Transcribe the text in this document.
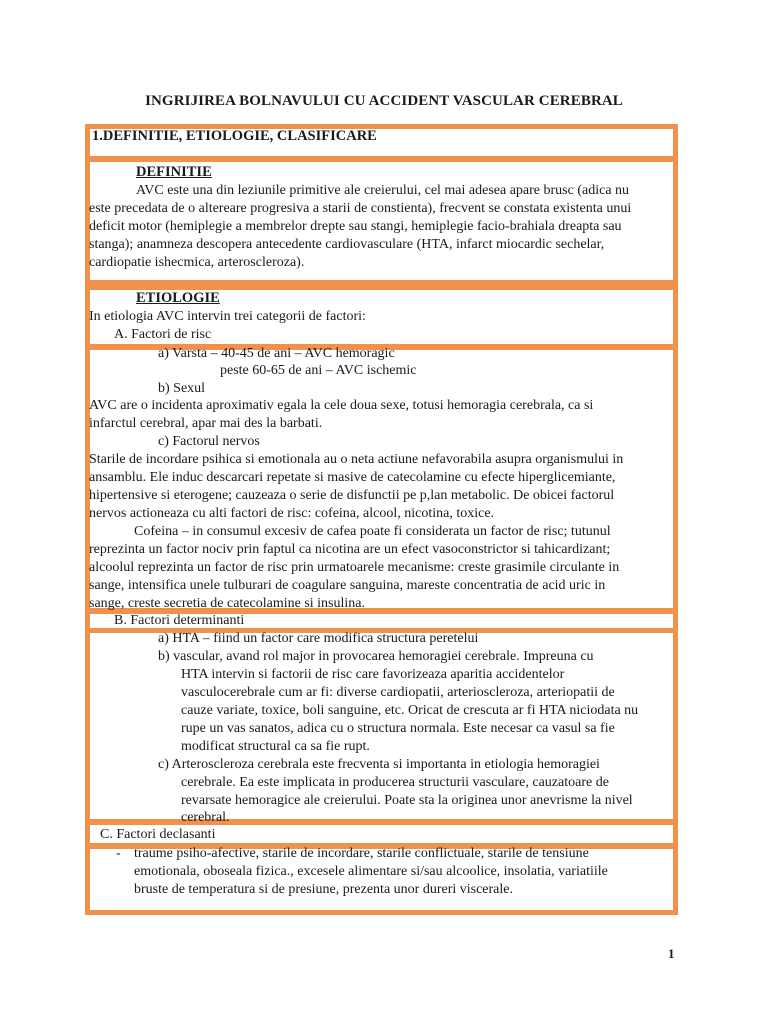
INGRIJIREA BOLNAVULUI CU ACCIDENT VASCULAR CEREBRAL
1.DEFINITIE, ETIOLOGIE, CLASIFICARE
DEFINITIE
AVC este una din leziunile primitive ale creierului, cel mai adesea apare brusc (adica nu
este precedata de o altereare progresiva a starii de constienta), frecvent se constata existenta unui
deficit motor (hemiplegie a membrelor drepte sau stangi, hemiplegie facio-brahiala dreapta sau
stanga); anamneza descopera antecedente cardiovasculare (HTA, infarct miocardic sechelar,
cardiopatie ishecmica, arteroscleroza).
ETIOLOGIE
In etiologia AVC intervin trei categorii de factori:
A. Factori de risc
a) Varsta – 40-45 de ani – AVC hemoragic
peste 60-65 de ani – AVC ischemic
b) Sexul
AVC are o incidenta aproximativ egala la cele doua sexe, totusi hemoragia cerebrala, ca si
infarctul cerebral, apar mai des la barbati.
c) Factorul nervos
Starile de incordare psihica si emotionala au o neta actiune nefavorabila asupra organismului in
ansamblu. Ele induc descarcari repetate si masive de catecolamine cu efecte hiperglicemiante,
hipertensive si eterogene; cauzeaza o serie de disfunctii pe p,lan metabolic. De obicei factorul
nervos actioneaza cu alti factori de risc: cofeina, alcool, nicotina, toxice.
Cofeina – in consumul excesiv de cafea poate fi considerata un factor de risc; tutunul
reprezinta un factor nociv prin faptul ca nicotina are un efect vasoconstrictor si tahicardizant;
alcoolul reprezinta un factor de risc prin urmatoarele mecanisme: creste grasimile circulante in
sange, intensifica unele tulburari de coagulare sanguina, mareste concentratia de acid uric in
sange, creste secretia de catecolamine si insulina.
B. Factori determinanti
a) HTA – fiind un factor care modifica structura peretelui
b) vascular, avand rol major in provocarea hemoragiei cerebrale. Impreuna cu
HTA intervin si factorii de risc care favorizeaza aparitia accidentelor
vasculocerebrale cum ar fi: diverse cardiopatii, arterioscleroza, arteriopatii de
cauze variate, toxice, boli sanguine, etc. Oricat de crescuta ar fi HTA niciodata nu
rupe un vas sanatos, adica cu o structura normala. Este necesar ca vasul sa fie
modificat structural ca sa fie rupt.
c) Arteroscleroza cerebrala este frecventa si importanta in etiologia hemoragiei
cerebrale. Ea este implicata in producerea structurii vasculare, cauzatoare de
revarsate hemoragice ale creierului. Poate sta la originea unor anevrisme la nivel
cerebral.
C. Factori declasanti
- traume psiho-afective, starile de incordare, starile conflictuale, starile de tensiune
emotionala, oboseala fizica., excesele alimentare si/sau alcoolice, insolatia, variatiile
bruste de temperatura si de presiune, prezenta unor dureri viscerale.
1
